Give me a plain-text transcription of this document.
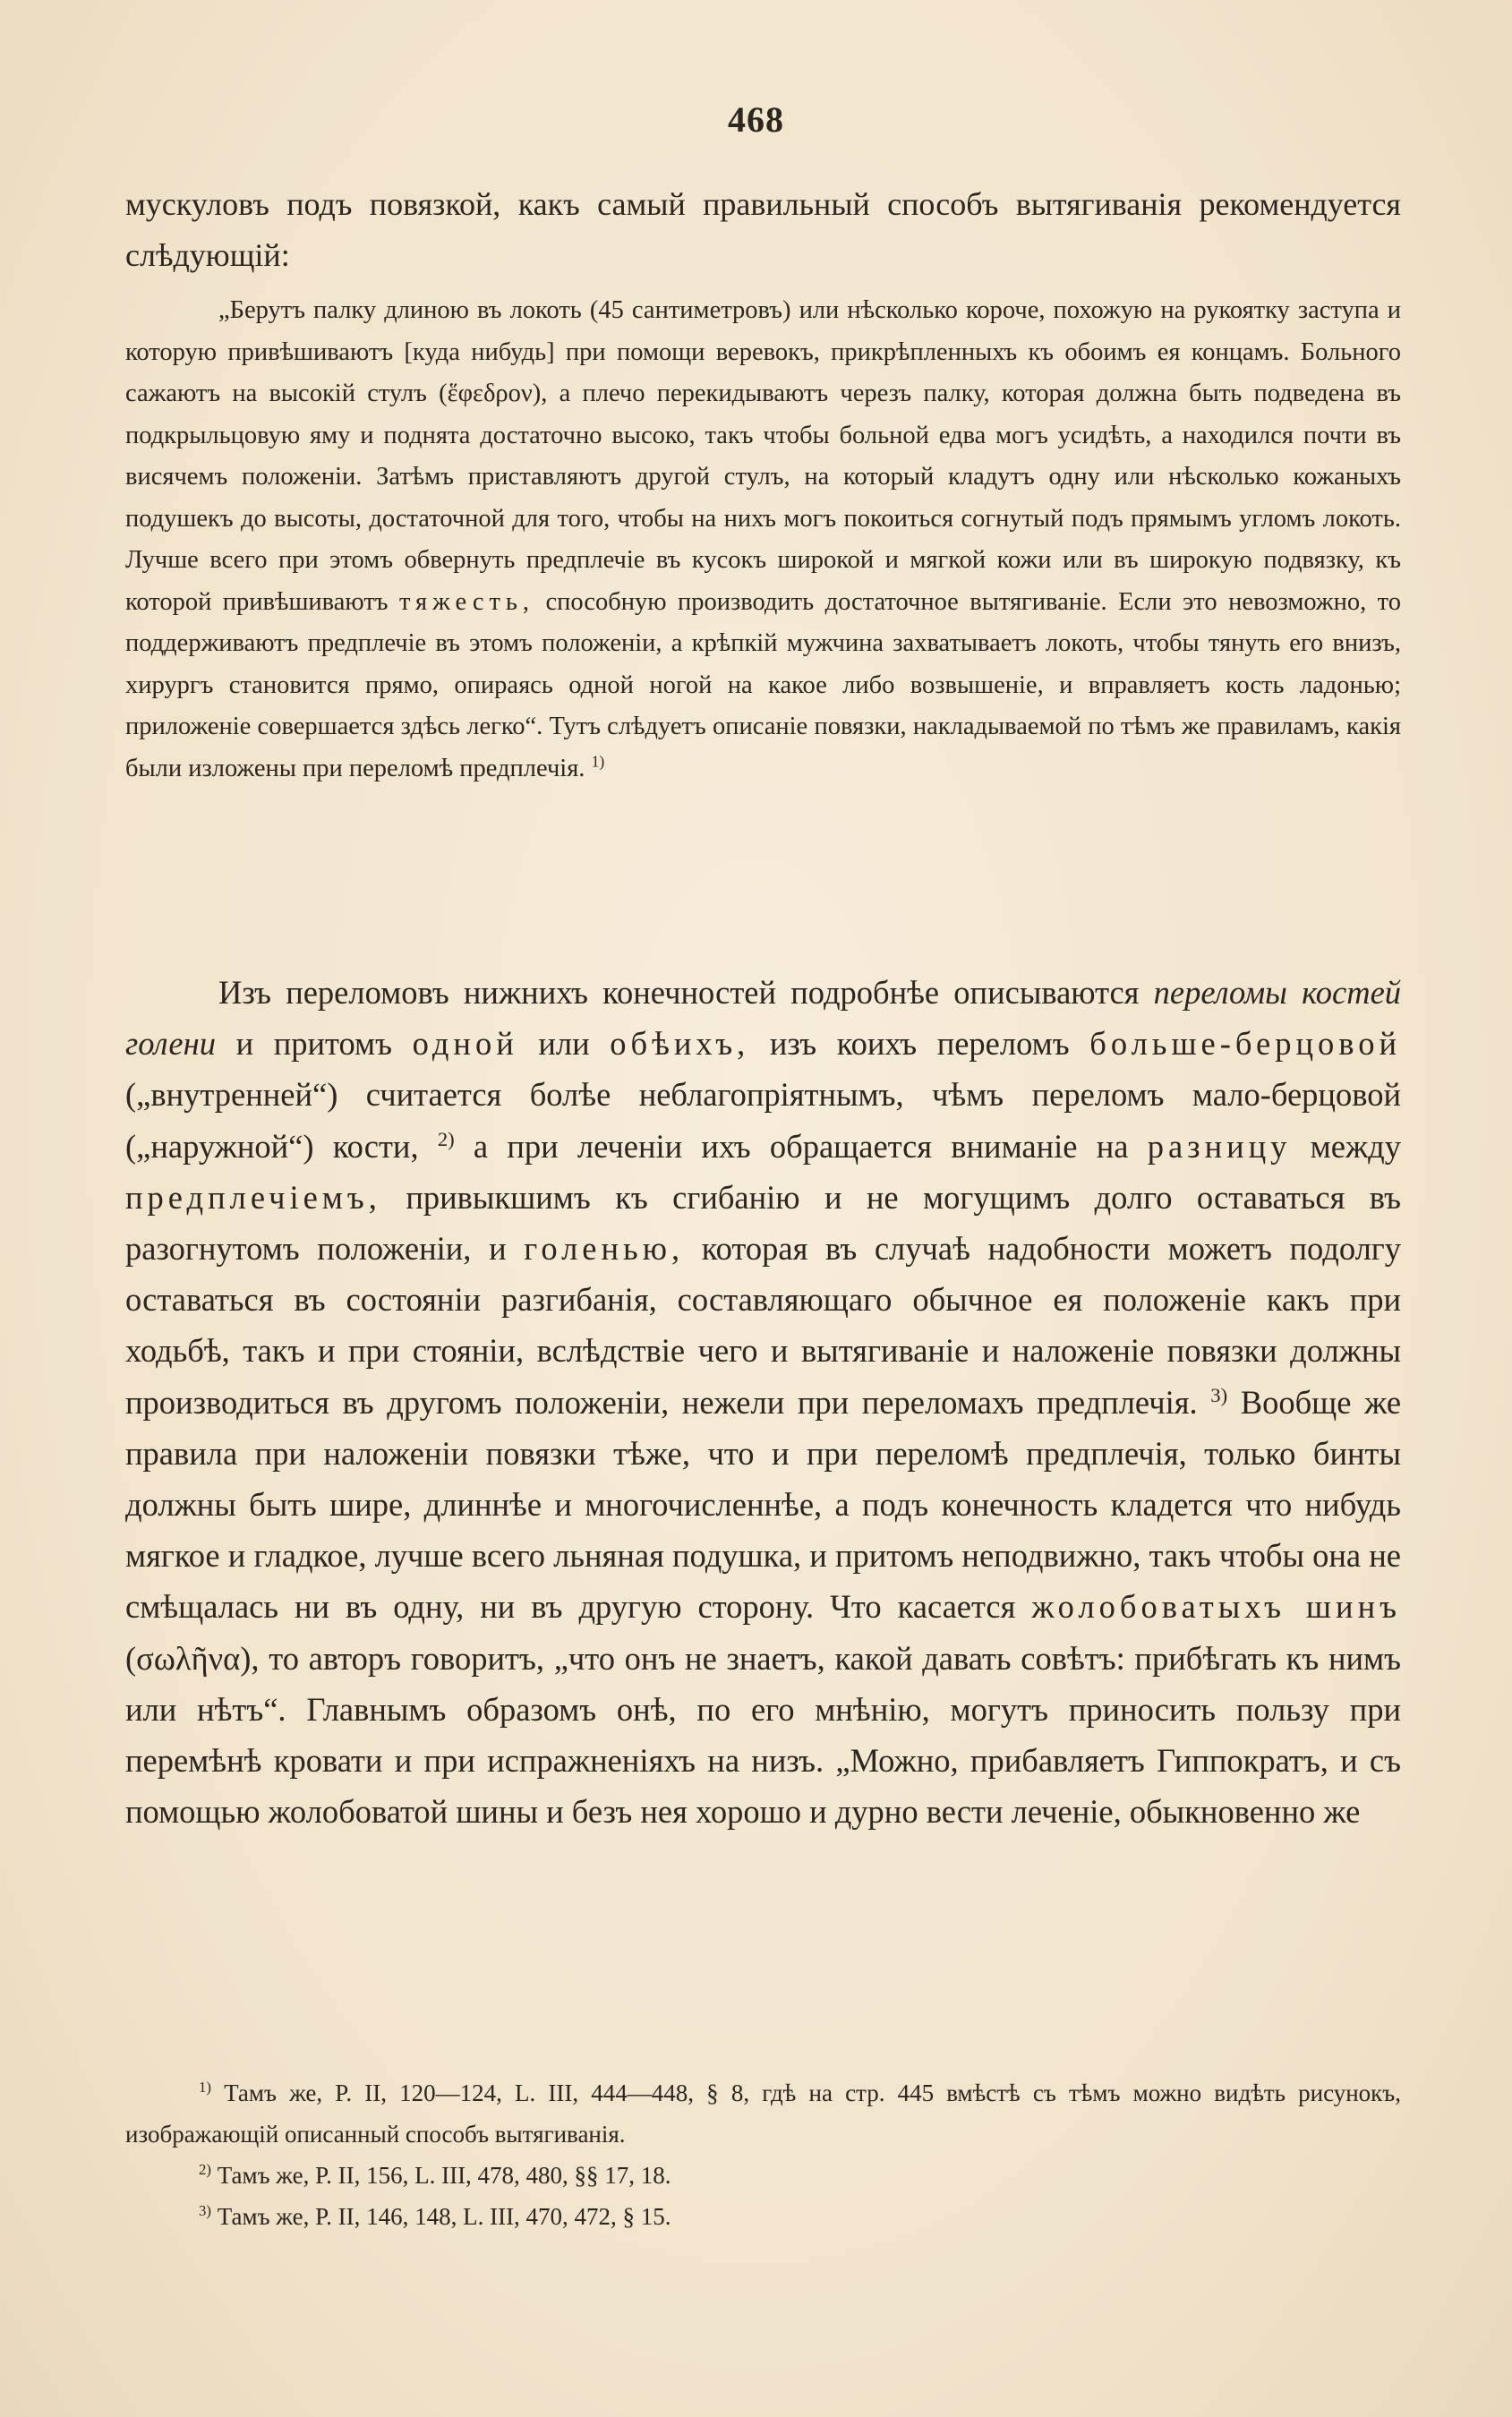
468
мускуловъ подъ повязкой, какъ самый правильный способъ вытягиванія рекомендуется слѣдующій:
„Берутъ палку длиною въ локоть (45 сантиметровъ) или нѣсколько короче, похожую на рукоятку заступа и которую привѣшиваютъ [куда нибудь] при помощи веревокъ, прикрѣпленныхъ къ обоимъ ея концамъ. Больного сажаютъ на высокій стулъ (ἕφεδρον), а плечо перекидываютъ черезъ палку, которая должна быть подведена въ подкрыльцовую яму и поднята достаточно высоко, такъ чтобы больной едва могъ усидѣть, а находился почти въ висячемъ положеніи. Затѣмъ приставляютъ другой стулъ, на который кладутъ одну или нѣсколько кожаныхъ подушекъ до высоты, достаточной для того, чтобы на нихъ могъ покоиться согнутый подъ прямымъ угломъ локоть. Лучше всего при этомъ обвернуть предплечіе въ кусокъ широкой и мягкой кожи или въ широкую подвязку, къ которой привѣшиваютъ тяжесть, способную производить достаточное вытягиваніе. Если это невозможно, то поддерживаютъ предплечіе въ этомъ положеніи, а крѣпкій мужчина захватываетъ локоть, чтобы тянуть его внизъ, хирургъ становится прямо, опираясь одной ногой на какое либо возвышеніе, и вправляетъ кость ладонью; приложеніе совершается здѣсь легко“. Тутъ слѣдуетъ описаніе повязки, накладываемой по тѣмъ же правиламъ, какія были изложены при переломѣ предплечія. $^{1)}$
Изъ переломовъ нижнихъ конечностей подробнѣе описываются переломы костей голени и притомъ одной или обѣихъ, изъ коихъ переломъ больше-берцовой („внутренней“) считается болѣе неблагопріятнымъ, чѣмъ переломъ мало-берцовой („наружной“) кости, $^{2)}$ а при леченіи ихъ обращается вниманіе на разницу между предплечіемъ, привыкшимъ къ сгибанію и не могущимъ долго оставаться въ разогнутомъ положеніи, и голенью, которая въ случаѣ надобности можетъ подолгу оставаться въ состояніи разгибанія, составляющаго обычное ея положеніе какъ при ходьбѣ, такъ и при стояніи, вслѣдствіе чего и вытягиваніе и наложеніе повязки должны производиться въ другомъ положеніи, нежели при переломахъ предплечія. $^{3)}$ Вообще же правила при наложеніи повязки тѣже, что и при переломѣ предплечія, только бинты должны быть шире, длиннѣе и многочисленнѣе, а подъ конечность кладется что нибудь мягкое и гладкое, лучше всего льняная подушка, и притомъ неподвижно, такъ чтобы она не смѣщалась ни въ одну, ни въ другую сторону. Что касается жолобоватыхъ шинъ (σωλῆνα), то авторъ говоритъ, „что онъ не знаетъ, какой давать совѣтъ: прибѣгать къ нимъ или нѣтъ“. Главнымъ образомъ онѣ, по его мнѣнію, могутъ приносить пользу при перемѣнѣ кровати и при испражненіяхъ на низъ. „Можно, прибавляетъ Гиппократъ, и съ помощью жолобоватой шины и безъ нея хорошо и дурно вести леченіе, обыкновенно же
$^{1)}$ Тамъ же, P. II, 120—124, L. III, 444—448, § 8, гдѣ на стр. 445 вмѣстѣ съ тѣмъ можно видѣть рисунокъ, изображающій описанный способъ вытягиванія.
$^{2)}$ Тамъ же, P. II, 156, L. III, 478, 480, §§ 17, 18.
$^{3)}$ Тамъ же, P. II, 146, 148, L. III, 470, 472, § 15.
